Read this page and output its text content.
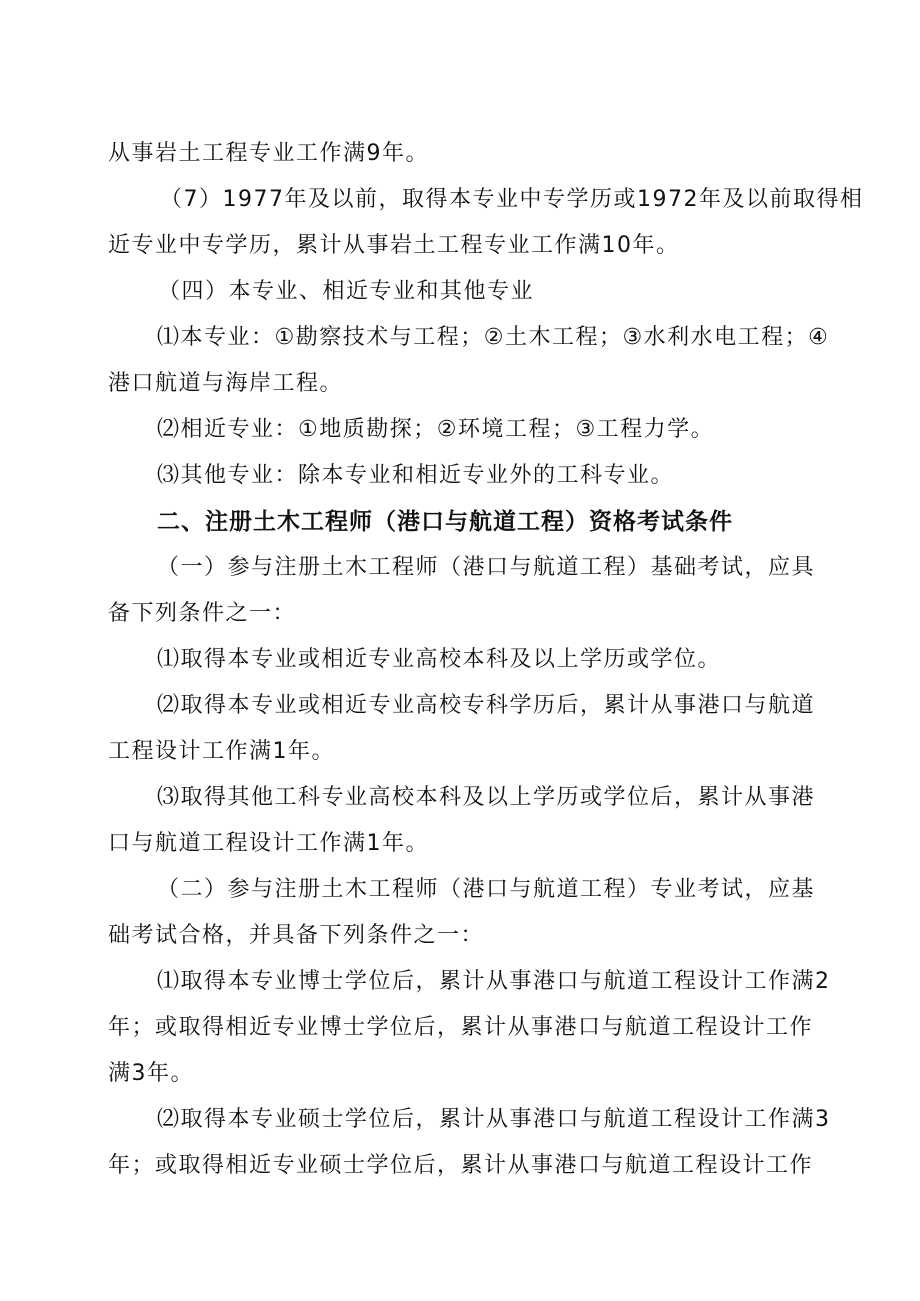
从事岩土工程专业工作满9年。
（7）1977年及以前，取得本专业中专学历或1972年及以前取得相
近专业中专学历，累计从事岩土工程专业工作满10年。
（四）本专业、相近专业和其他专业
⑴本专业：①勘察技术与工程；②土木工程；③水利水电工程；④
港口航道与海岸工程。
⑵相近专业：①地质勘探；②环境工程；③工程力学。
⑶其他专业：除本专业和相近专业外的工科专业。
二、注册土木工程师（港口与航道工程）资格考试条件
（一）参与注册土木工程师（港口与航道工程）基础考试，应具
备下列条件之一：
⑴取得本专业或相近专业高校本科及以上学历或学位。
⑵取得本专业或相近专业高校专科学历后，累计从事港口与航道
工程设计工作满1年。
⑶取得其他工科专业高校本科及以上学历或学位后，累计从事港
口与航道工程设计工作满1年。
（二）参与注册土木工程师（港口与航道工程）专业考试，应基
础考试合格，并具备下列条件之一：
⑴取得本专业博士学位后，累计从事港口与航道工程设计工作满2
年；或取得相近专业博士学位后，累计从事港口与航道工程设计工作
满3年。
⑵取得本专业硕士学位后，累计从事港口与航道工程设计工作满3
年；或取得相近专业硕士学位后，累计从事港口与航道工程设计工作
